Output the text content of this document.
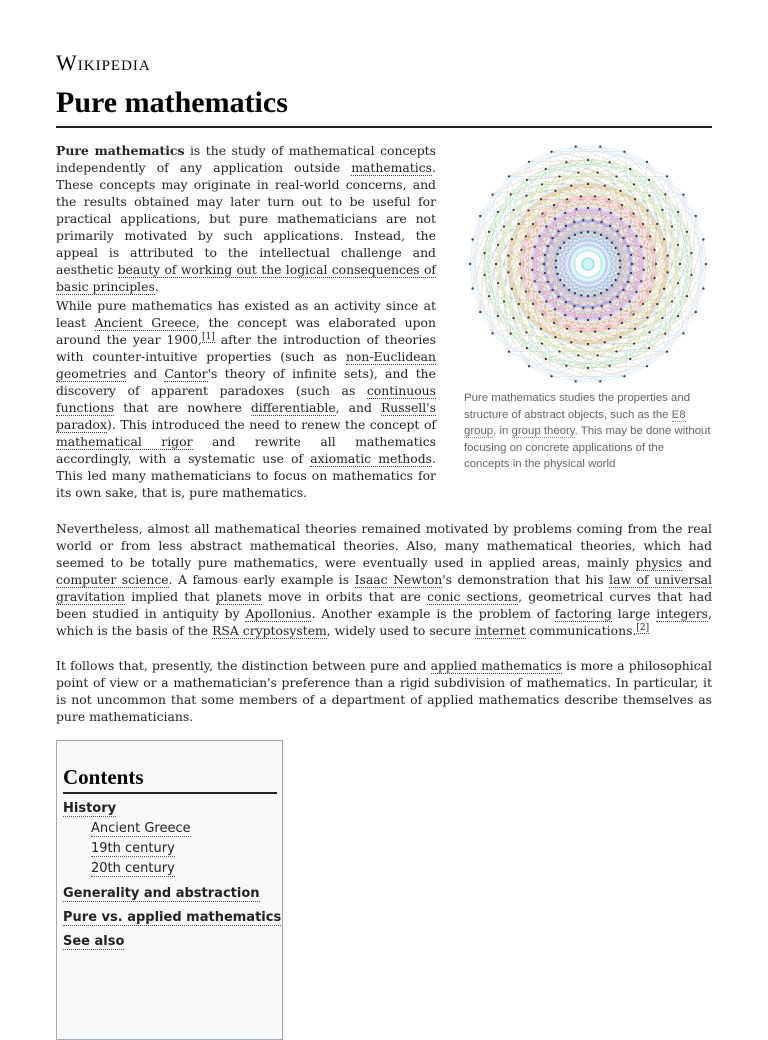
Wikipedia
Pure mathematics

Pure mathematics is the study of mathematical concepts independently of any application outside mathematics. These concepts may originate in real-world concerns, and the results obtained may later turn out to be useful for practical applications, but pure mathematicians are not primarily motivated by such applications. Instead, the appeal is attributed to the intellectual challenge and aesthetic beauty of working out the logical consequences of basic principles.

While pure mathematics has existed as an activity since at least Ancient Greece, the concept was elaborated upon around the year 1900,[1] after the introduction of theories with counter-intuitive properties (such as non-Euclidean geometries and Cantor's theory of infinite sets), and the discovery of apparent paradoxes (such as continuous functions that are nowhere differentiable, and Russell's paradox). This introduced the need to renew the concept of mathematical rigor and rewrite all mathematics accordingly, with a systematic use of axiomatic methods. This led many mathematicians to focus on mathematics for its own sake, that is, pure mathematics.

Pure mathematics studies the properties and structure of abstract objects, such as the E8 group, in group theory. This may be done without focusing on concrete applications of the concepts in the physical world

Nevertheless, almost all mathematical theories remained motivated by problems coming from the real world or from less abstract mathematical theories. Also, many mathematical theories, which had seemed to be totally pure mathematics, were eventually used in applied areas, mainly physics and computer science. A famous early example is Isaac Newton's demonstration that his law of universal gravitation implied that planets move in orbits that are conic sections, geometrical curves that had been studied in antiquity by Apollonius. Another example is the problem of factoring large integers, which is the basis of the RSA cryptosystem, widely used to secure internet communications.[2]

It follows that, presently, the distinction between pure and applied mathematics is more a philosophical point of view or a mathematician's preference than a rigid subdivision of mathematics. In particular, it is not uncommon that some members of a department of applied mathematics describe themselves as pure mathematicians.

Contents
History
Ancient Greece
19th century
20th century
Generality and abstraction
Pure vs. applied mathematics
See also
